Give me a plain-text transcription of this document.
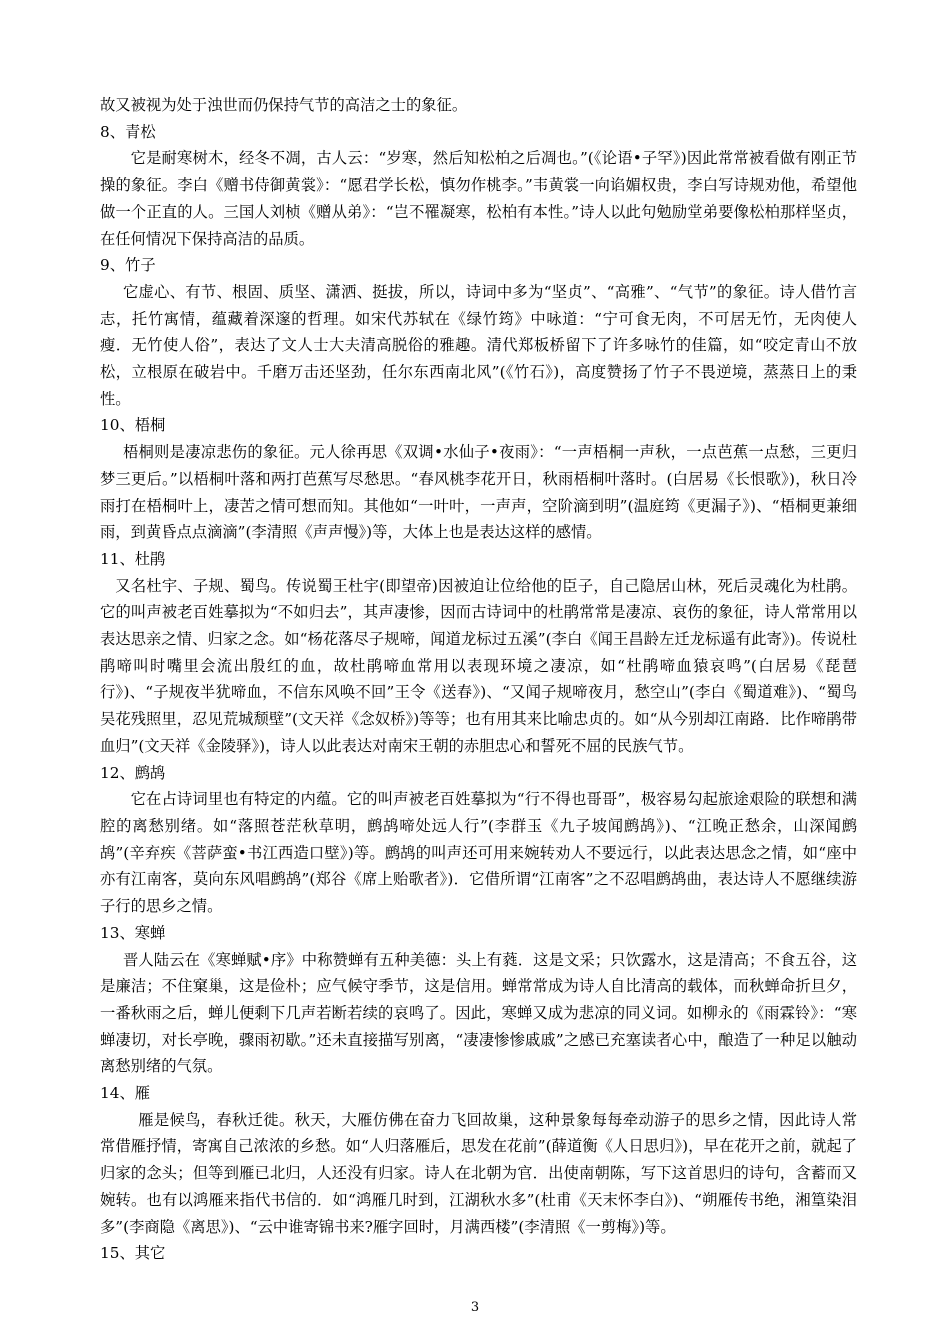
故又被视为处于浊世而仍保持气节的高洁之士的象征。

8、青松

它是耐寒树木，经冬不凋，古人云：“岁寒，然后知松柏之后凋也。”(《论语•子罕》)因此常常被看做有刚正节操的象征。李白《赠书侍御黄裳》：“愿君学长松，慎勿作桃李。”韦黄裳一向谄媚权贵，李白写诗规劝他，希望他做一个正直的人。三国人刘桢《赠从弟》：“岂不罹凝寒，松柏有本性。”诗人以此句勉励堂弟要像松柏那样坚贞，在任何情况下保持高洁的品质。

9、竹子

它虚心、有节、根固、质坚、潇洒、挺拔，所以，诗词中多为“坚贞”、“高雅”、“气节”的象征。诗人借竹言志，托竹寓情，蕴藏着深邃的哲理。如宋代苏轼在《绿竹筠》中咏道：“宁可食无肉，不可居无竹，无肉使人瘦．无竹使人俗”，表达了文人士大夫清高脱俗的雅趣。清代郑板桥留下了许多咏竹的佳篇，如“咬定青山不放松，立根原在破岩中。千磨万击还坚劲，任尔东西南北风”(《竹石》)，高度赞扬了竹子不畏逆境，蒸蒸日上的秉性。

10、梧桐

梧桐则是凄凉悲伤的象征。元人徐再思《双调•水仙子•夜雨》：“一声梧桐一声秋，一点芭蕉一点愁，三更归梦三更后。”以梧桐叶落和两打芭蕉写尽愁思。“春风桃李花开日，秋雨梧桐叶落时。(白居易《长恨歌》)，秋日冷雨打在梧桐叶上，凄苦之情可想而知。其他如“一叶叶，一声声，空阶滴到明”(温庭筠《更漏子》)、“梧桐更兼细雨，到黄昏点点滴滴”(李清照《声声慢》)等，大体上也是表达这样的感情。

11、杜鹃

又名杜宇、子规、蜀鸟。传说蜀王杜宇(即望帝)因被迫让位给他的臣子，自己隐居山林，死后灵魂化为杜鹃。它的叫声被老百姓摹拟为“不如归去”，其声凄惨，因而古诗词中的杜鹃常常是凄凉、哀伤的象征，诗人常常用以表达思亲之情、归家之念。如“杨花落尽子规啼，闻道龙标过五溪”(李白《闻王昌龄左迁龙标遥有此寄》)。传说杜鹃啼叫时嘴里会流出殷红的血，故杜鹃啼血常用以表现环境之凄凉，如“杜鹃啼血猿哀鸣”(白居易《琵琶行》)、“子规夜半犹啼血，不信东风唤不回”王令《送春》)、“又闻子规啼夜月，愁空山”(李白《蜀道难》)、“蜀鸟吴花残照里，忍见荒城颓壁”(文天祥《念奴桥》)等等；也有用其来比喻忠贞的。如“从今别却江南路．比作啼鹃带血归”(文天祥《金陵驿》)，诗人以此表达对南宋王朝的赤胆忠心和誓死不屈的民族气节。

12、鹧鸪

它在占诗词里也有特定的内蕴。它的叫声被老百姓摹拟为“行不得也哥哥”，极容易勾起旅途艰险的联想和满腔的离愁别绪。如“落照苍茫秋草明，鹧鸪啼处远人行”(李群玉《九子坡闻鹧鸪》)、“江晚正愁余，山深闻鹧鸪”(辛弃疾《菩萨蛮•书江西造口壁》)等。鹧鸪的叫声还可用来婉转劝人不要远行，以此表达思念之情，如“座中亦有江南客，莫向东风唱鹧鸪”(郑谷《席上贻歌者》)．它借所谓“江南客”之不忍唱鹧鸪曲，表达诗人不愿继续游子行的思乡之情。

13、寒蝉

晋人陆云在《寒蝉赋•序》中称赞蝉有五种美德：头上有蕤．这是文采；只饮露水，这是清高；不食五谷，这是廉洁；不住窠巢，这是俭朴；应气候守季节，这是信用。蝉常常成为诗人自比清高的载体，而秋蝉命折旦夕，一番秋雨之后，蝉儿便剩下几声若断若续的哀鸣了。因此，寒蝉又成为悲凉的同义词。如柳永的《雨霖铃》：“寒蝉凄切，对长亭晚，骤雨初歇。”还未直接描写别离，“凄凄惨惨戚戚”之感已充塞读者心中，酿造了一种足以触动离愁别绪的气氛。

14、雁

雁是候鸟，春秋迁徙。秋天，大雁仿佛在奋力飞回故巢，这种景象每每牵动游子的思乡之情，因此诗人常常借雁抒情，寄寓自己浓浓的乡愁。如“人归落雁后，思发在花前”(薛道衡《人日思归》)，早在花开之前，就起了归家的念头；但等到雁已北归，人还没有归家。诗人在北朝为官．出使南朝陈，写下这首思归的诗句，含蓄而又婉转。也有以鸿雁来指代书信的．如“鸿雁几时到，江湖秋水多”(杜甫《天末怀李白》)、“朔雁传书绝，湘篁染泪多”(李商隐《离思》)、“云中谁寄锦书来?雁字回时，月满西楼”(李清照《一剪梅》)等。

15、其它

3
